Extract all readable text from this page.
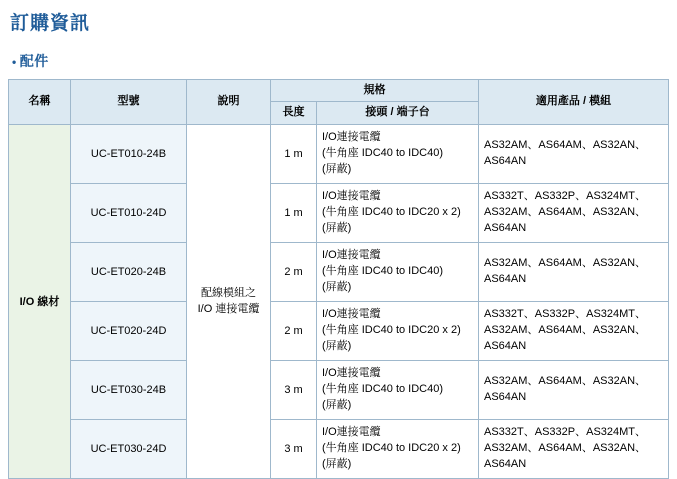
訂購資訊
• 配件
名稱	型號	說明	規格		適用產品 / 模組
			長度	接頭 / 端子台	
I/O 線材	UC-ET010-24B	
配線模組之
I/O 連接電纜
	1 m	
I/O連接電纜
(牛角座 IDC40 to IDC40)
(屏蔽)

AS32AM、AS64AM、AS32AN、
AS64AN

UC-ET010-24D	1 m	
I/O連接電纜
(牛角座 IDC40 to IDC20 x 2)
(屏蔽)

AS332T、AS332P、AS324MT、
AS32AM、AS64AM、AS32AN、
AS64AN

UC-ET020-24B	2 m	
I/O連接電纜
(牛角座 IDC40 to IDC40)
(屏蔽)

AS32AM、AS64AM、AS32AN、
AS64AN

UC-ET020-24D	2 m	
I/O連接電纜
(牛角座 IDC40 to IDC20 x 2)
(屏蔽)

AS332T、AS332P、AS324MT、
AS32AM、AS64AM、AS32AN、
AS64AN

UC-ET030-24B	3 m	
I/O連接電纜
(牛角座 IDC40 to IDC40)
(屏蔽)

AS32AM、AS64AM、AS32AN、
AS64AN

UC-ET030-24D	3 m	
I/O連接電纜
(牛角座 IDC40 to IDC20 x 2)
(屏蔽)

AS332T、AS332P、AS324MT、
AS32AM、AS64AM、AS32AN、
AS64AN
